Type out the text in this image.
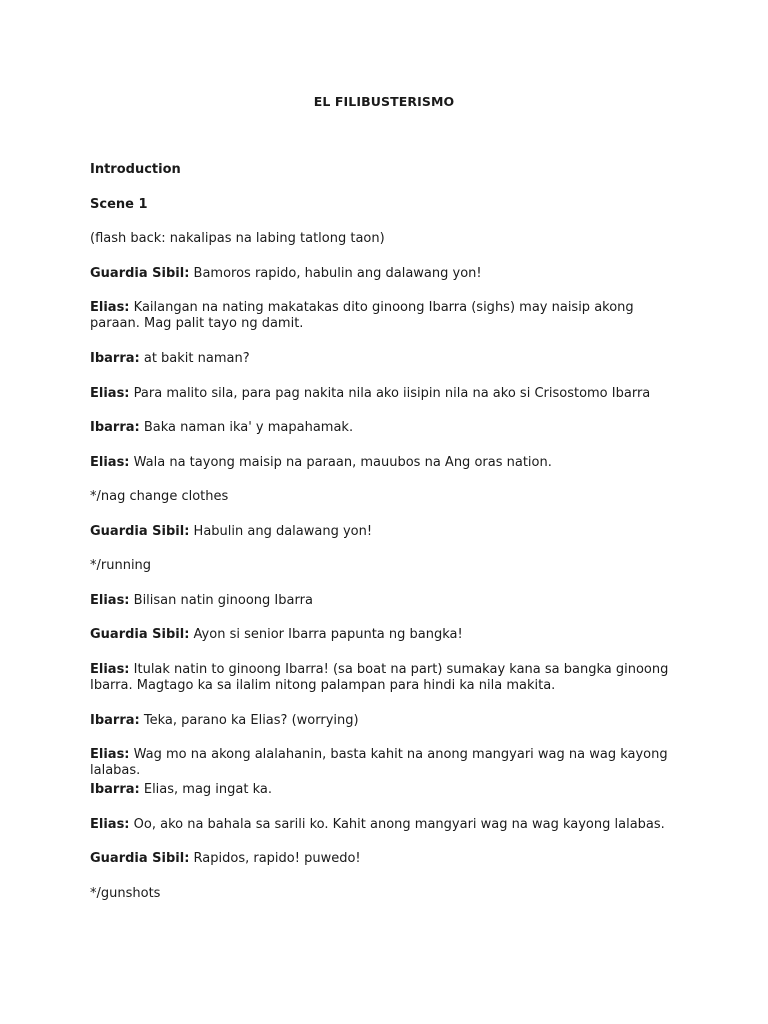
EL FILIBUSTERISMO
Introduction
Scene 1

(flash back: nakalipas na labing tatlong taon)

Guardia Sibil: Bamoros rapido, habulin ang dalawang yon!

Elias: Kailangan na nating makatakas dito ginoong Ibarra (sighs) may naisip akong paraan. Mag palit tayo ng damit.

Ibarra: at bakit naman?

Elias: Para malito sila, para pag nakita nila ako iisipin nila na ako si Crisostomo Ibarra

Ibarra: Baka naman ika' y mapahamak.

Elias: Wala na tayong maisip na paraan, mauubos na Ang oras nation.

*/nag change clothes

Guardia Sibil: Habulin ang dalawang yon!

*/running

Elias: Bilisan natin ginoong Ibarra

Guardia Sibil: Ayon si senior Ibarra papunta ng bangka!

Elias: Itulak natin to ginoong Ibarra! (sa boat na part) sumakay kana sa bangka ginoong Ibarra. Magtago ka sa ilalim nitong palampan para hindi ka nila makita.

Ibarra: Teka, parano ka Elias? (worrying)

Elias: Wag mo na akong alalahanin, basta kahit na anong mangyari wag na wag kayong lalabas.

Ibarra: Elias, mag ingat ka.

Elias: Oo, ako na bahala sa sarili ko. Kahit anong mangyari wag na wag kayong lalabas.

Guardia Sibil: Rapidos, rapido! puwedo!

*/gunshots
